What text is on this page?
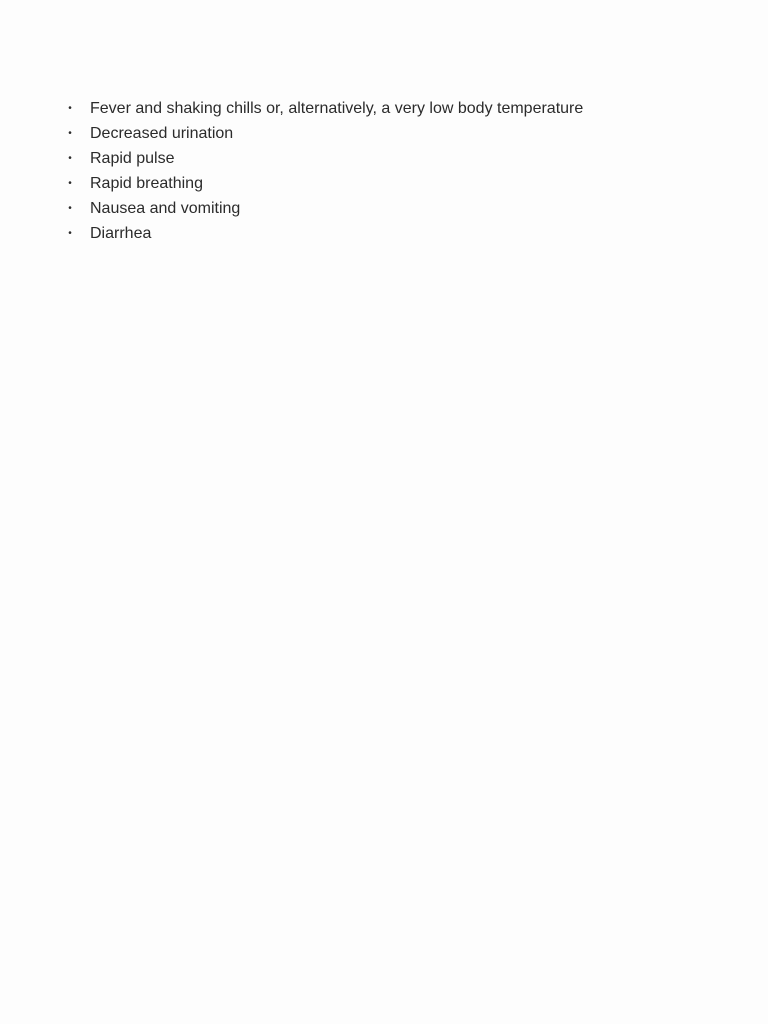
• Fever and shaking chills or, alternatively, a very low body temperature
• Decreased urination
• Rapid pulse
• Rapid breathing
• Nausea and vomiting
• Diarrhea
